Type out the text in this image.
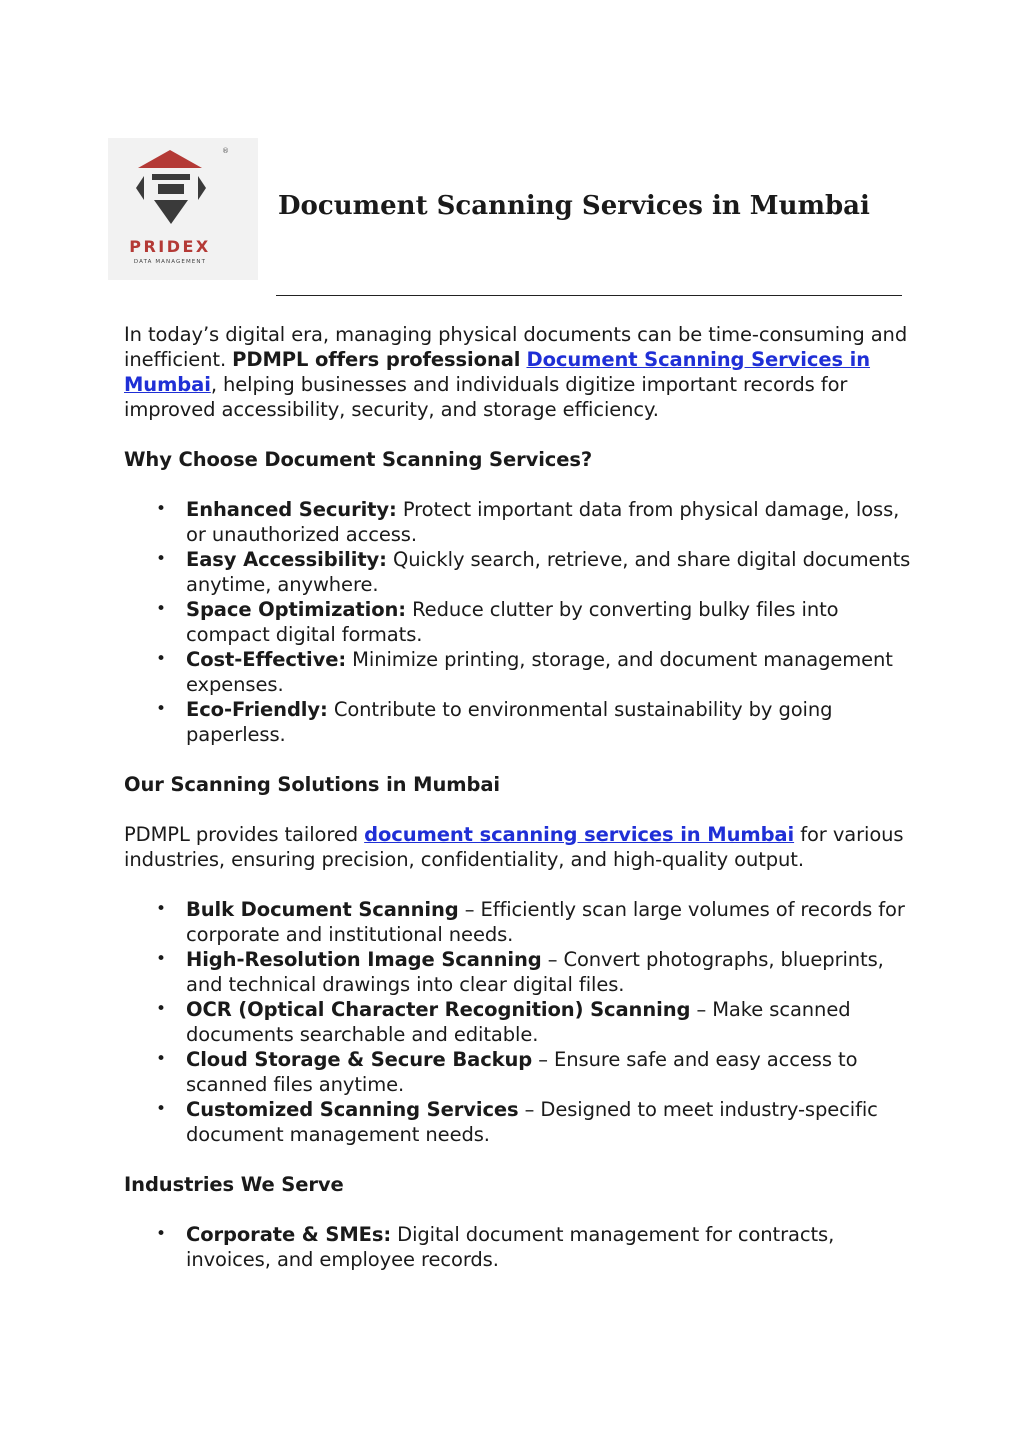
®
PRIDEX
DATA MANAGEMENT
Document Scanning Services in Mumbai

In today’s digital era, managing physical documents can be time-consuming and inefficient. PDMPL offers professional Document Scanning Services in Mumbai, helping businesses and individuals digitize important records for improved accessibility, security, and storage efficiency.

Why Choose Document Scanning Services?
• Enhanced Security: Protect important data from physical damage, loss, or unauthorized access.
• Easy Accessibility: Quickly search, retrieve, and share digital documents anytime, anywhere.
• Space Optimization: Reduce clutter by converting bulky files into compact digital formats.
• Cost-Effective: Minimize printing, storage, and document management expenses.
• Eco-Friendly: Contribute to environmental sustainability by going paperless.
Our Scanning Solutions in Mumbai

PDMPL provides tailored document scanning services in Mumbai for various industries, ensuring precision, confidentiality, and high-quality output.

• Bulk Document Scanning – Efficiently scan large volumes of records for corporate and institutional needs.
• High-Resolution Image Scanning – Convert photographs, blueprints, and technical drawings into clear digital files.
• OCR (Optical Character Recognition) Scanning – Make scanned documents searchable and editable.
• Cloud Storage & Secure Backup – Ensure safe and easy access to scanned files anytime.
• Customized Scanning Services – Designed to meet industry-specific document management needs.
Industries We Serve
• Corporate & SMEs: Digital document management for contracts, invoices, and employee records.
